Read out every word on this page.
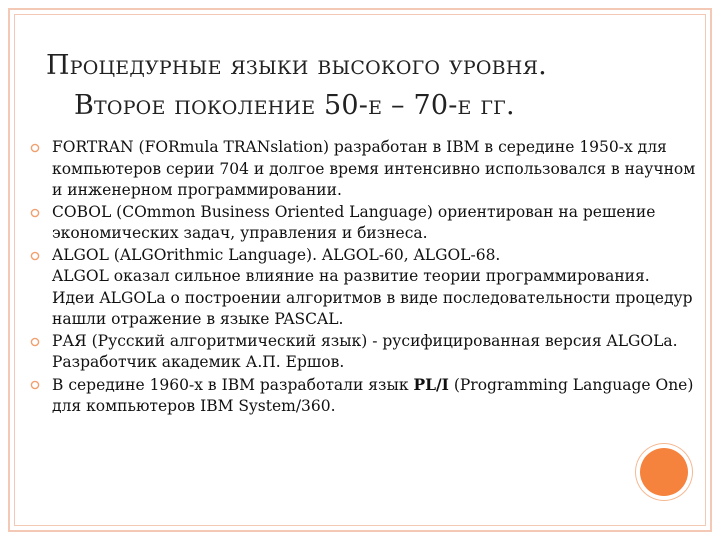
Процедурные языки высокого уровня.
Второе поколение 50-е – 70-е гг.

FORTRAN (FORmula TRANslation) разработан в IBM в середине 1950-х для компьютеров серии 704 и долгое время интенсивно использовался в научном и инженерном программировании.

COBOL (COmmon Business Oriented Language) ориентирован на решение экономических задач, управления и бизнеса.

ALGOL (ALGOrithmic Language). ALGOL-60, ALGOL-68.

ALGOL оказал сильное влияние на развитие теории программирования. Идеи ALGOLа о построении алгоритмов в виде последовательности процедур нашли отражение в языке PASCAL.

РАЯ (Русский алгоритмический язык) - русифицированная версия ALGOLа.

Разработчик академик А.П. Ершов.

В середине 1960-х в IBM разработали язык PL/I (Programming Language One) для компьютеров IBM System/360.
